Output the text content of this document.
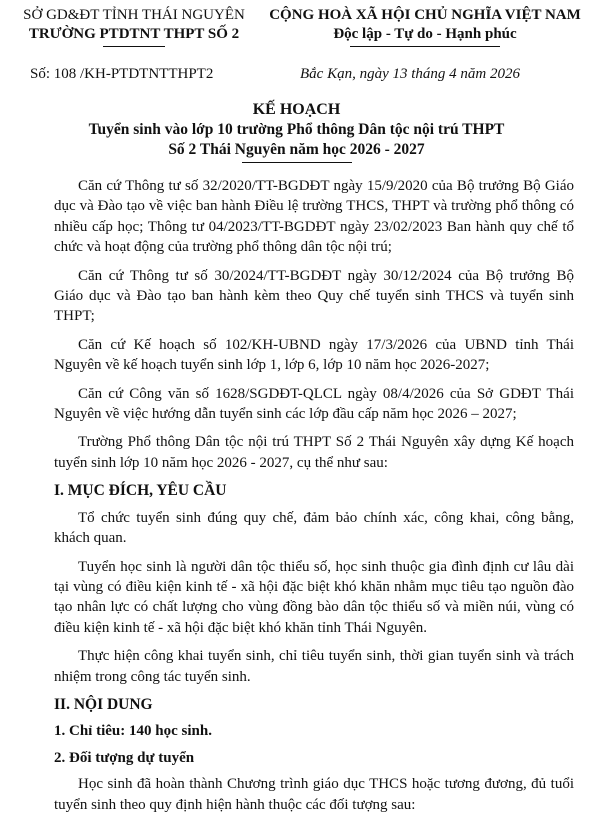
SỞ GD&ĐT TỈNH THÁI NGUYÊN
TRƯỜNG PTDTNT THPT SỐ 2
CỘNG HOÀ XÃ HỘI CHỦ NGHĨA VIỆT NAM
Độc lập - Tự do - Hạnh phúc
Số: 108 /KH-PTDTNTTHPT2	Bắc Kạn, ngày 13 tháng 4 năm 2026
KẾ HOẠCH
Tuyển sinh vào lớp 10 trường Phổ thông Dân tộc nội trú THPT
Số 2 Thái Nguyên năm học 2026 - 2027

Căn cứ Thông tư số 32/2020/TT-BGDĐT ngày 15/9/2020 của Bộ trưởng Bộ Giáo dục và Đào tạo về việc ban hành Điều lệ trường THCS, THPT và trường phổ thông có nhiều cấp học; Thông tư 04/2023/TT-BGDĐT ngày 23/02/2023 Ban hành quy chế tổ chức và hoạt động của trường phổ thông dân tộc nội trú;

Căn cứ Thông tư số 30/2024/TT-BGDĐT ngày 30/12/2024 của Bộ trưởng Bộ Giáo dục và Đào tạo ban hành kèm theo Quy chế tuyển sinh THCS và tuyển sinh THPT;

Căn cứ Kế hoạch số 102/KH-UBND ngày 17/3/2026 của UBND tỉnh Thái Nguyên về kế hoạch tuyển sinh lớp 1, lớp 6, lớp 10 năm học 2026-2027;

Căn cứ Công văn số 1628/SGDĐT-QLCL ngày 08/4/2026 của Sở GDĐT Thái Nguyên về việc hướng dẫn tuyển sinh các lớp đầu cấp năm học 2026 – 2027;

Trường Phổ thông Dân tộc nội trú THPT Số 2 Thái Nguyên xây dựng Kế hoạch tuyển sinh lớp 10 năm học 2026 - 2027, cụ thể như sau:

I. MỤC ĐÍCH, YÊU CẦU

Tổ chức tuyển sinh đúng quy chế, đảm bảo chính xác, công khai, công bằng, khách quan.

Tuyển học sinh là người dân tộc thiểu số, học sinh thuộc gia đình định cư lâu dài tại vùng có điều kiện kinh tế - xã hội đặc biệt khó khăn nhằm mục tiêu tạo nguồn đào tạo nhân lực có chất lượng cho vùng đồng bào dân tộc thiểu số và miền núi, vùng có điều kiện kinh tế - xã hội đặc biệt khó khăn tỉnh Thái Nguyên.

Thực hiện công khai tuyển sinh, chỉ tiêu tuyển sinh, thời gian tuyển sinh và trách nhiệm trong công tác tuyển sinh.

II. NỘI DUNG
1. Chỉ tiêu: 140 học sinh.
2. Đối tượng dự tuyển

Học sinh đã hoàn thành Chương trình giáo dục THCS hoặc tương đương, đủ tuổi tuyển sinh theo quy định hiện hành thuộc các đối tượng sau:
